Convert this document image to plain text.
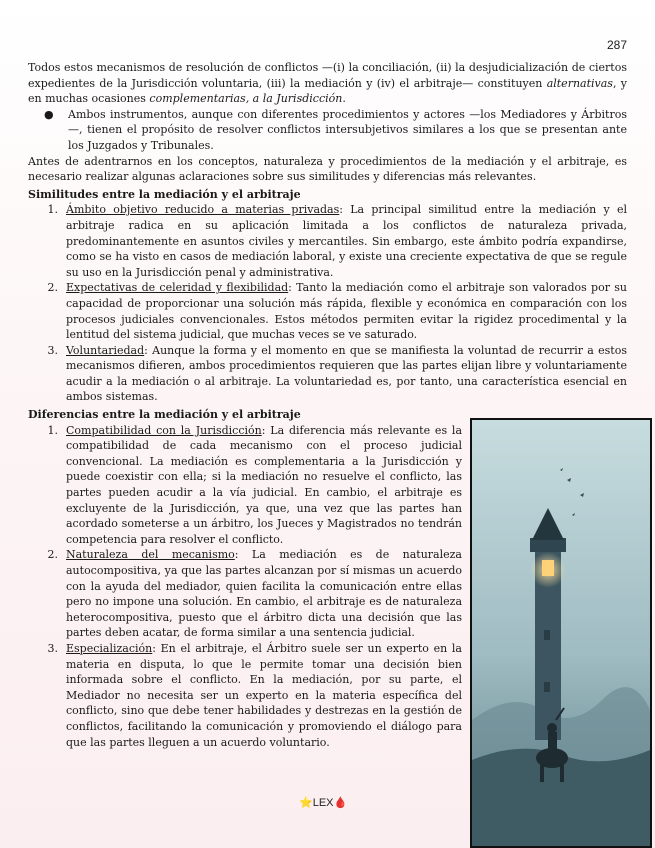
287

Todos estos mecanismos de resolución de conflictos —(i) la conciliación, (ii) la desjudicialización de ciertos expedientes de la Jurisdicción voluntaria, (iii) la mediación y (iv) el arbitraje— constituyen alternativas, y en muchas ocasiones complementarias, a la Jurisdicción.

●	Ambos instrumentos, aunque con diferentes procedimientos y actores —los Mediadores y Árbitros—, tienen el propósito de resolver conflictos intersubjetivos similares a los que se presentan ante los Juzgados y Tribunales.

Antes de adentrarnos en los conceptos, naturaleza y procedimientos de la mediación y el arbitraje, es necesario realizar algunas aclaraciones sobre sus similitudes y diferencias más relevantes.

Similitudes entre la mediación y el arbitraje
1. Ámbito objetivo reducido a materias privadas: La principal similitud entre la mediación y el arbitraje radica en su aplicación limitada a los conflictos de naturaleza privada, predominantemente en asuntos civiles y mercantiles. Sin embargo, este ámbito podría expandirse, como se ha visto en casos de mediación laboral, y existe una creciente expectativa de que se regule su uso en la Jurisdicción penal y administrativa.
2. Expectativas de celeridad y flexibilidad: Tanto la mediación como el arbitraje son valorados por su capacidad de proporcionar una solución más rápida, flexible y económica en comparación con los procesos judiciales convencionales. Estos métodos permiten evitar la rigidez procedimental y la lentitud del sistema judicial, que muchas veces se ve saturado.
3. Voluntariedad: Aunque la forma y el momento en que se manifiesta la voluntad de recurrir a estos mecanismos difieren, ambos procedimientos requieren que las partes elijan libre y voluntariamente acudir a la mediación o al arbitraje. La voluntariedad es, por tanto, una característica esencial en ambos sistemas.
Diferencias entre la mediación y el arbitraje
1. Compatibilidad con la Jurisdicción: La diferencia más relevante es la compatibilidad de cada mecanismo con el proceso judicial convencional. La mediación es complementaria a la Jurisdicción y puede coexistir con ella; si la mediación no resuelve el conflicto, las partes pueden acudir a la vía judicial. En cambio, el arbitraje es excluyente de la Jurisdicción, ya que, una vez que las partes han acordado someterse a un árbitro, los Jueces y Magistrados no tendrán competencia para resolver el conflicto.
2. Naturaleza del mecanismo: La mediación es de naturaleza autocompositiva, ya que las partes alcanzan por sí mismas un acuerdo con la ayuda del mediador, quien facilita la comunicación entre ellas pero no impone una solución. En cambio, el arbitraje es de naturaleza heterocompositiva, puesto que el árbitro dicta una decisión que las partes deben acatar, de forma similar a una sentencia judicial.
3. Especialización: En el arbitraje, el Árbitro suele ser un experto en la materia en disputa, lo que le permite tomar una decisión bien informada sobre el conflicto. En la mediación, por su parte, el Mediador no necesita ser un experto en la materia específica del conflicto, sino que debe tener habilidades y destrezas en la gestión de conflictos, facilitando la comunicación y promoviendo el diálogo para que las partes lleguen a un acuerdo voluntario.
⭐LEX🩸
